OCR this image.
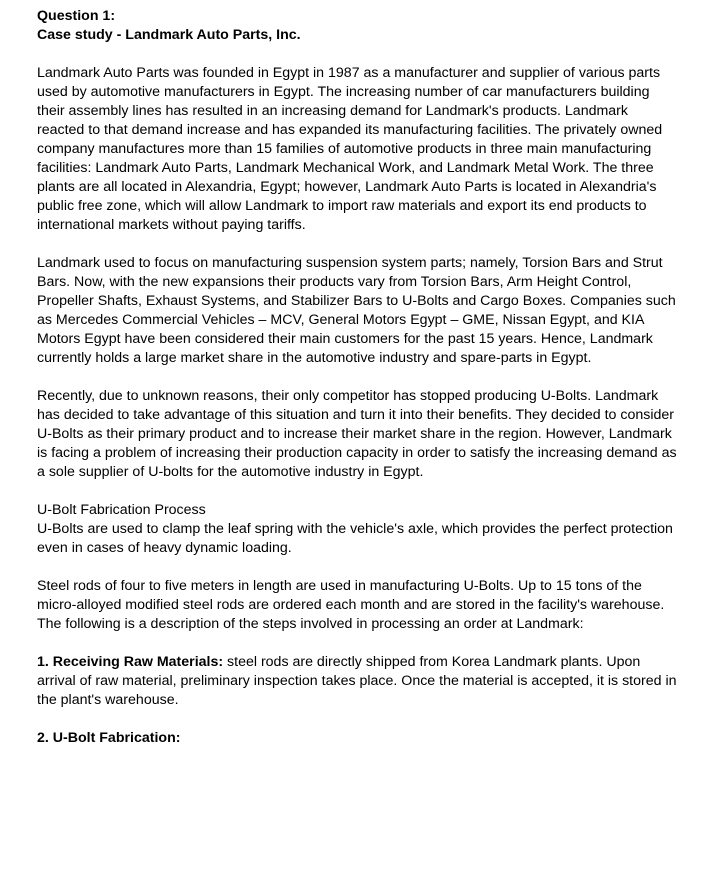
Question 1:
Case study - Landmark Auto Parts, Inc.

Landmark Auto Parts was founded in Egypt in 1987 as a manufacturer and supplier of various parts used by automotive manufacturers in Egypt. The increasing number of car manufacturers building their assembly lines has resulted in an increasing demand for Landmark's products. Landmark reacted to that demand increase and has expanded its manufacturing facilities. The privately owned company manufactures more than 15 families of automotive products in three main manufacturing facilities: Landmark Auto Parts, Landmark Mechanical Work, and Landmark Metal Work. The three plants are all located in Alexandria, Egypt; however, Landmark Auto Parts is located in Alexandria's public free zone, which will allow Landmark to import raw materials and export its end products to international markets without paying tariffs.

Landmark used to focus on manufacturing suspension system parts; namely, Torsion Bars and Strut Bars. Now, with the new expansions their products vary from Torsion Bars, Arm Height Control, Propeller Shafts, Exhaust Systems, and Stabilizer Bars to U-Bolts and Cargo Boxes. Companies such as Mercedes Commercial Vehicles – MCV, General Motors Egypt – GME, Nissan Egypt, and KIA Motors Egypt have been considered their main customers for the past 15 years. Hence, Landmark currently holds a large market share in the automotive industry and spare-parts in Egypt.

Recently, due to unknown reasons, their only competitor has stopped producing U-Bolts. Landmark has decided to take advantage of this situation and turn it into their benefits. They decided to consider U-Bolts as their primary product and to increase their market share in the region. However, Landmark is facing a problem of increasing their production capacity in order to satisfy the increasing demand as a sole supplier of U-bolts for the automotive industry in Egypt.

U-Bolt Fabrication Process

U-Bolts are used to clamp the leaf spring with the vehicle's axle, which provides the perfect protection even in cases of heavy dynamic loading.

Steel rods of four to five meters in length are used in manufacturing U-Bolts. Up to 15 tons of the micro-alloyed modified steel rods are ordered each month and are stored in the facility's warehouse. The following is a description of the steps involved in processing an order at Landmark:

1. Receiving Raw Materials: steel rods are directly shipped from Korea Landmark plants. Upon arrival of raw material, preliminary inspection takes place. Once the material is accepted, it is stored in the plant's warehouse.

2. U-Bolt Fabrication:
